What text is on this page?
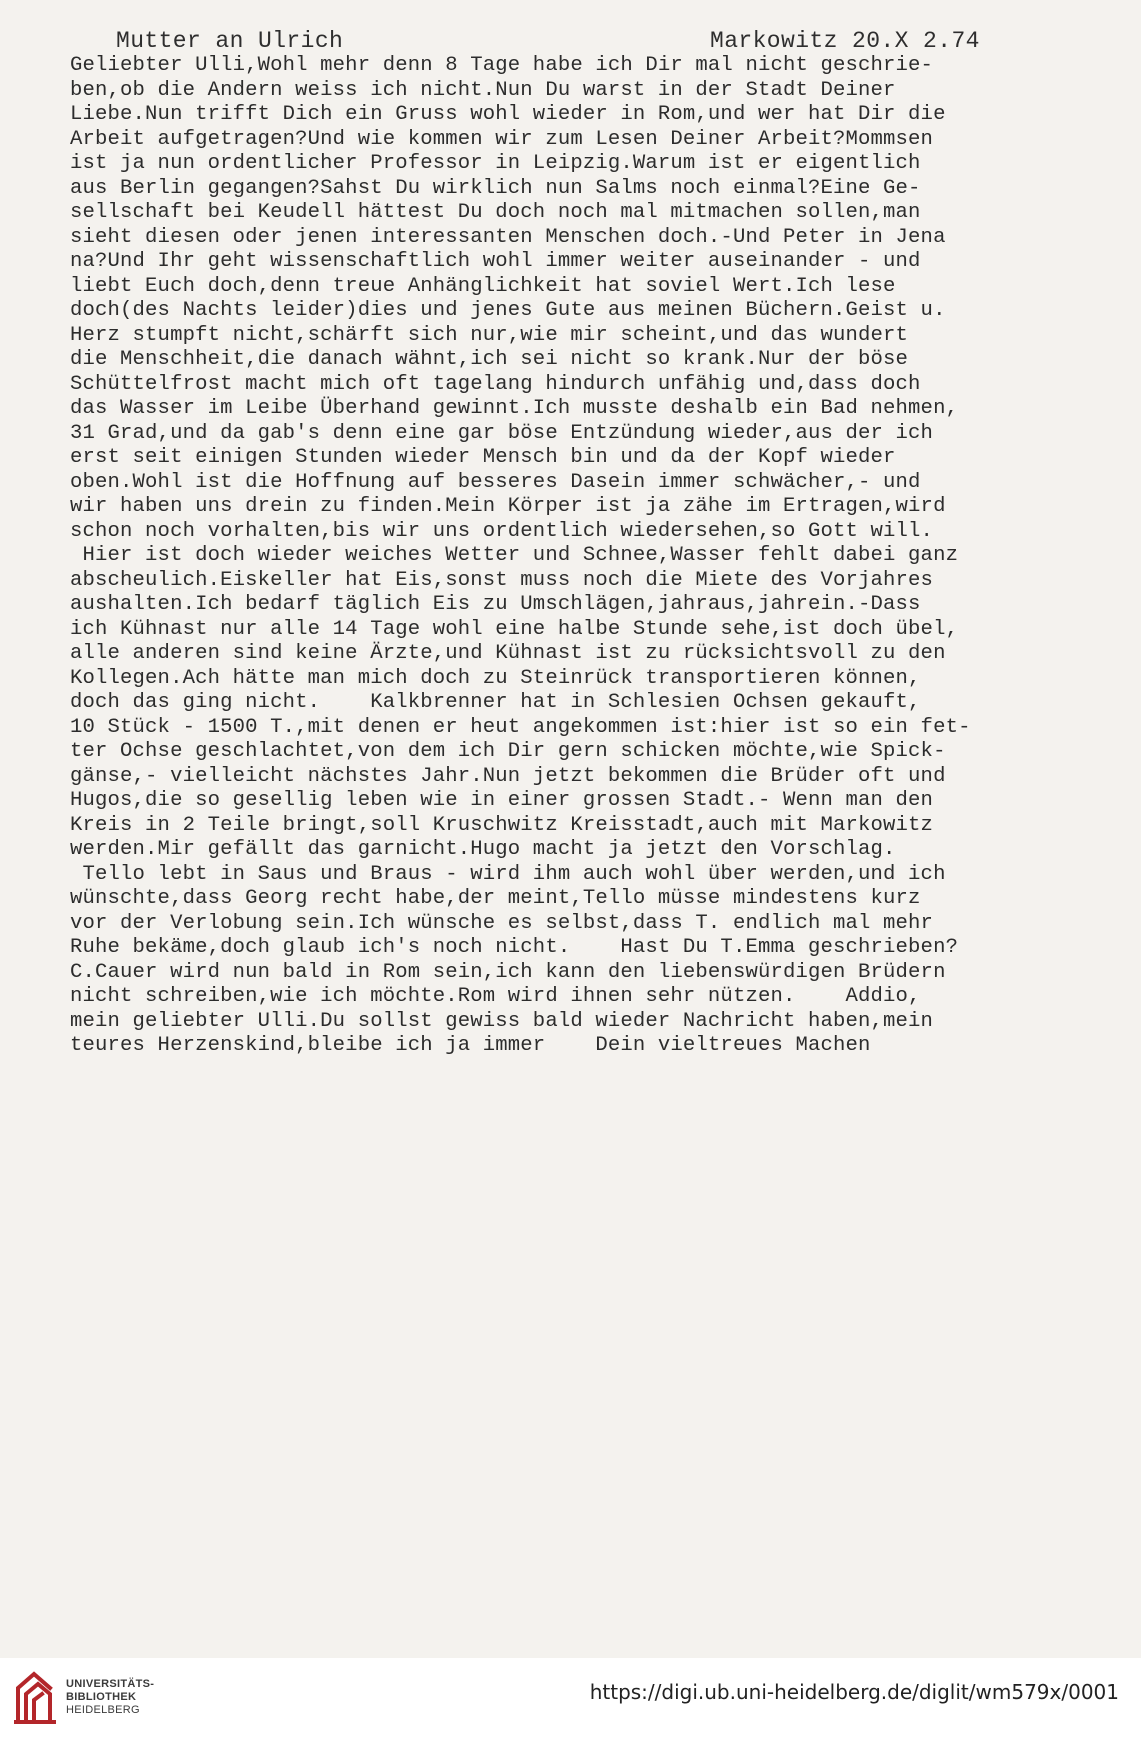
Mutter an Ulrich	Markowitz 20.X 2.74
Geliebter Ulli,Wohl mehr denn 8 Tage habe ich Dir mal nicht geschrie-
ben,ob die Andern weiss ich nicht.Nun Du warst in der Stadt Deiner
Liebe.Nun trifft Dich ein Gruss wohl wieder in Rom,und wer hat Dir die
Arbeit aufgetragen?Und wie kommen wir zum Lesen Deiner Arbeit?Mommsen
ist ja nun ordentlicher Professor in Leipzig.Warum ist er eigentlich
aus Berlin gegangen?Sahst Du wirklich nun Salms noch einmal?Eine Ge-
sellschaft bei Keudell hättest Du doch noch mal mitmachen sollen,man
sieht diesen oder jenen interessanten Menschen doch.-Und Peter in Jena
na?Und Ihr geht wissenschaftlich wohl immer weiter auseinander - und
liebt Euch doch,denn treue Anhänglichkeit hat soviel Wert.Ich lese
doch(des Nachts leider)dies und jenes Gute aus meinen Büchern.Geist u.
Herz stumpft nicht,schärft sich nur,wie mir scheint,und das wundert
die Menschheit,die danach wähnt,ich sei nicht so krank.Nur der böse
Schüttelfrost macht mich oft tagelang hindurch unfähig und,dass doch
das Wasser im Leibe Überhand gewinnt.Ich musste deshalb ein Bad nehmen,
31 Grad,und da gab's denn eine gar böse Entzündung wieder,aus der ich
erst seit einigen Stunden wieder Mensch bin und da der Kopf wieder
oben.Wohl ist die Hoffnung auf besseres Dasein immer schwächer,- und
wir haben uns drein zu finden.Mein Körper ist ja zähe im Ertragen,wird
schon noch vorhalten,bis wir uns ordentlich wiedersehen,so Gott will.
Hier ist doch wieder weiches Wetter und Schnee,Wasser fehlt dabei ganz
abscheulich.Eiskeller hat Eis,sonst muss noch die Miete des Vorjahres
aushalten.Ich bedarf täglich Eis zu Umschlägen,jahraus,jahrein.-Dass
ich Kühnast nur alle 14 Tage wohl eine halbe Stunde sehe,ist doch übel,
alle anderen sind keine Ärzte,und Kühnast ist zu rücksichtsvoll zu den
Kollegen.Ach hätte man mich doch zu Steinrück transportieren können,
doch das ging nicht.    Kalkbrenner hat in Schlesien Ochsen gekauft,
10 Stück - 1500 T.,mit denen er heut angekommen ist:hier ist so ein fet-
ter Ochse geschlachtet,von dem ich Dir gern schicken möchte,wie Spick-
gänse,- vielleicht nächstes Jahr.Nun jetzt bekommen die Brüder oft und
Hugos,die so gesellig leben wie in einer grossen Stadt.- Wenn man den
Kreis in 2 Teile bringt,soll Kruschwitz Kreisstadt,auch mit Markowitz
werden.Mir gefällt das garnicht.Hugo macht ja jetzt den Vorschlag.
Tello lebt in Saus und Braus - wird ihm auch wohl über werden,und ich
wünschte,dass Georg recht habe,der meint,Tello müsse mindestens kurz
vor der Verlobung sein.Ich wünsche es selbst,dass T. endlich mal mehr
Ruhe bekäme,doch glaub ich's noch nicht.    Hast Du T.Emma geschrieben?
C.Cauer wird nun bald in Rom sein,ich kann den liebenswürdigen Brüdern
nicht schreiben,wie ich möchte.Rom wird ihnen sehr nützen.    Addio,
mein geliebter Ulli.Du sollst gewiss bald wieder Nachricht haben,mein
teures Herzenskind,bleibe ich ja immer    Dein vieltreues Machen
UNIVERSITÄTS-
BIBLIOTHEK
HEIDELBERG
https://digi.ub.uni-heidelberg.de/diglit/wm579x/0001
